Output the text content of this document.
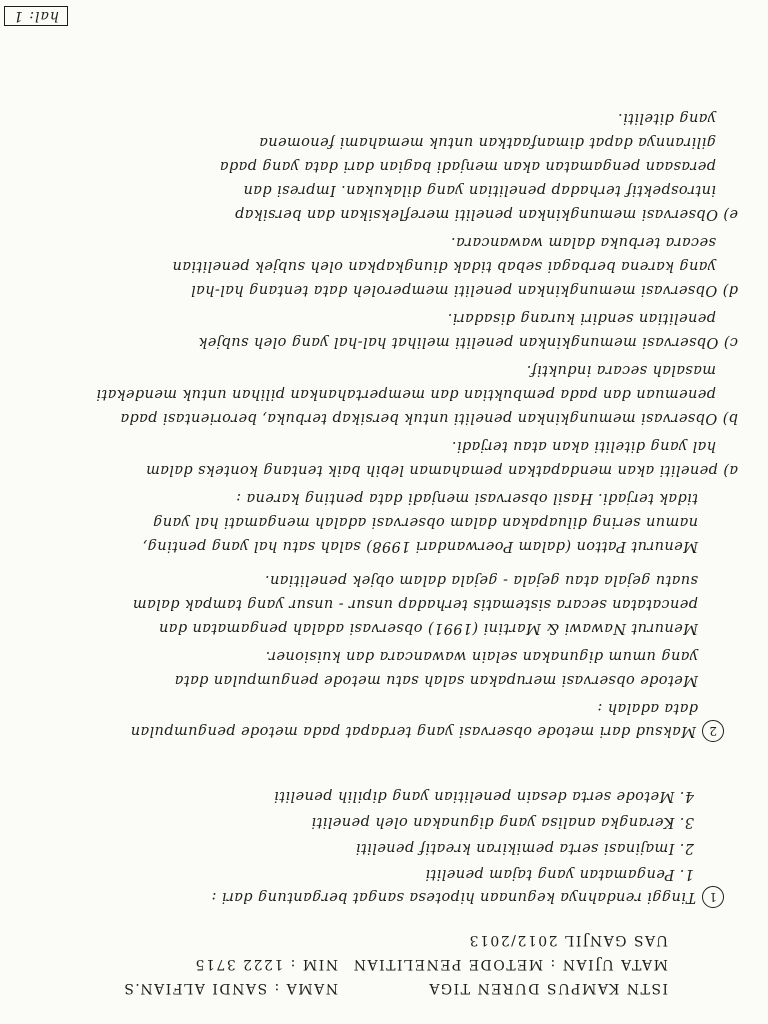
ISTN KAMPUS DUREN TIGA
NAMA : SANDI ALFIAN.S
MATA UJIAN : METODE PENELITIAN
NIM : 1222 3715
UAS GANJIL 2012/2013
1Tinggi rendahnya kegunaan hipotesa sangat bergantung dari :
1. Pengamatan yang tajam peneliti
2. Imajinasi serta pemikiran kreatif peneliti
3. Kerangka analisa yang digunakan oleh peneliti
4. Metode serta desain penelitian yang dipilih peneliti
2Maksud dari metode observasi yang terdapat pada metode pengumpulan
data adalah :
Metode observasi merupakan salah satu metode pengumpulan data
yang umum digunakan selain wawancara dan kuisioner.
Menurut Nawawi & Martini (1991) observasi adalah pengamatan dan
pencatatan secara sistematis terhadap unsur - unsur yang tampak dalam
suatu gejala atau gejala - gejala dalam objek penelitian.
Menurut Patton (dalam Poerwandari 1998) salah satu hal yang penting,
namun sering diluapakan dalam observasi adalah mengamati hal yang
tidak terjadi. Hasil observasi menjadi data penting karena :
a) peneliti akan mendapatkan pemahaman lebih baik tentang konteks dalam
hal yang diteliti akan atau terjadi.
b) Observasi memungkinkan peneliti untuk bersikap terbuka, berorientasi pada
penemuan dan pada pembuktian dan mempertahankan pilihan untuk mendekati
masalah secara induktif.
c) Observasi memungkinkan peneliti melihat hal-hal yang oleh subjek
penelitian sendiri kurang disadari.
d) Observasi memungkinkan peneliti memperoleh data tentang hal-hal
yang karena berbagai sebab tidak diungkapkan oleh subjek penelitian
secara terbuka dalam wawancara.
e) Observasi memungkinkan peneliti merefleksikan dan bersikap
introspektif terhadap penelitian yang dilakukan. Impresi dan
perasaan pengamatan akan menjadi bagian dari data yang pada
gilirannya dapat dimanfaatkan untuk memahami fenomena
yang diteliti.
hal: 1
